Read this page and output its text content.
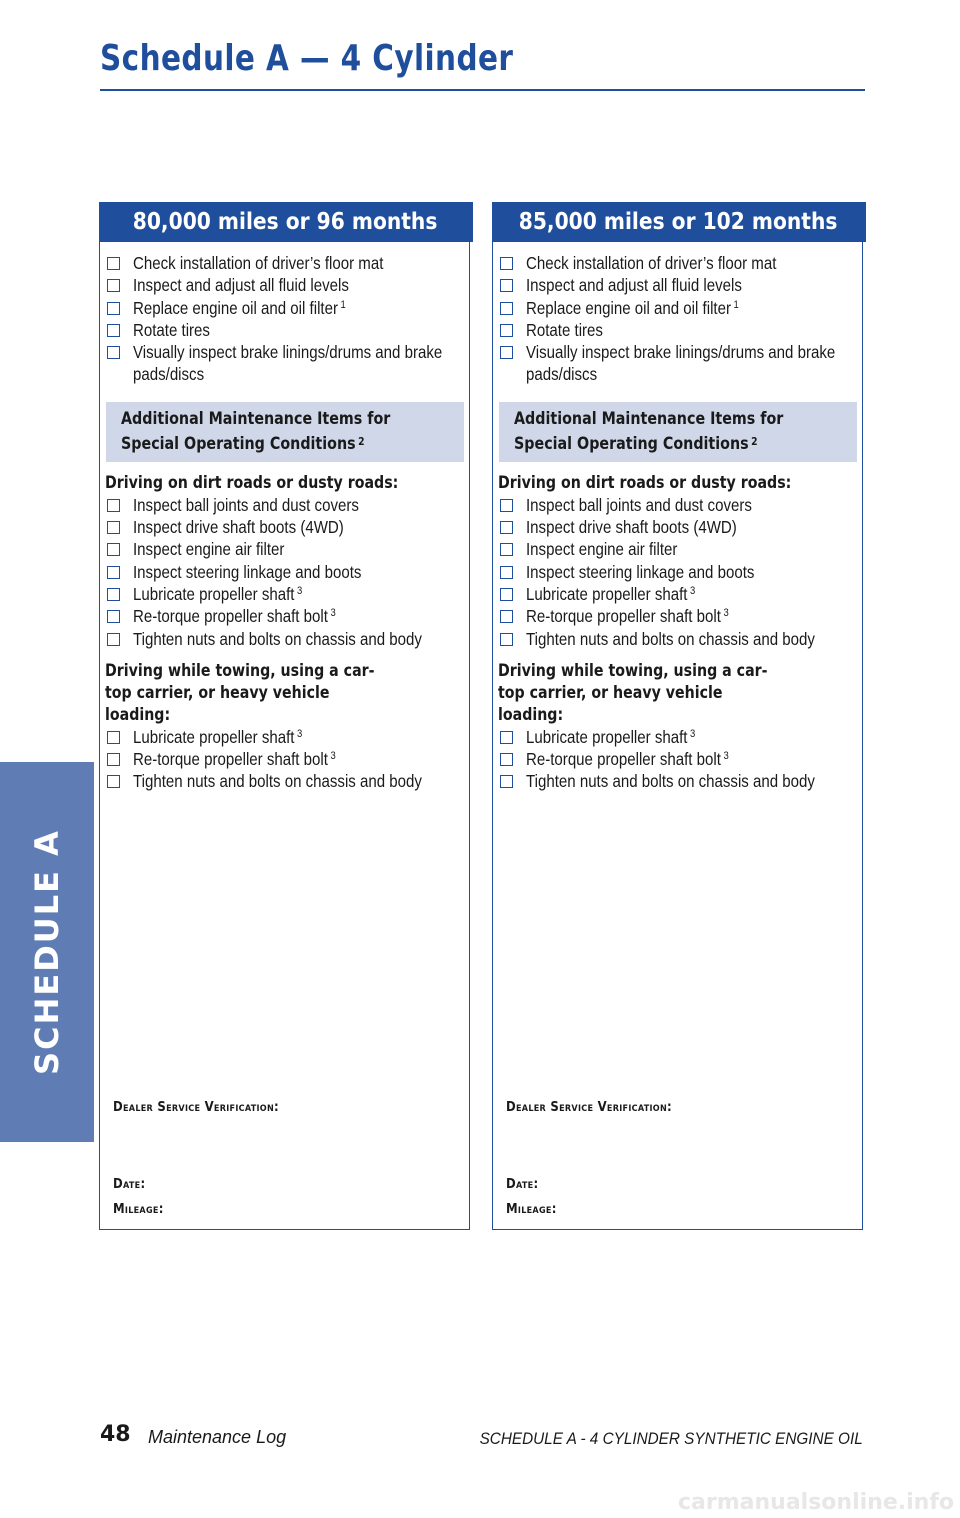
Schedule A — 4 Cylinder
SCHEDULE A
80,000 miles or 96 months
Check installation of driver’s floor mat
Inspect and adjust all fluid levels
Replace engine oil and oil filter $^1$
Rotate tires
Visually inspect brake linings/drums and brake pads/discs
Additional Maintenance Items for
Special Operating Conditions $^2$
Driving on dirt roads or dusty roads:
Inspect ball joints and dust covers
Inspect drive shaft boots (4WD)
Inspect engine air filter
Inspect steering linkage and boots
Lubricate propeller shaft $^3$
Re-torque propeller shaft bolt $^3$
Tighten nuts and bolts on chassis and body
Driving while towing, using a car-top carrier, or heavy vehicle loading:
Lubricate propeller shaft $^3$
Re-torque propeller shaft bolt $^3$
Tighten nuts and bolts on chassis and body
Dealer Service Verification:
Date:
Mileage:
85,000 miles or 102 months
Check installation of driver’s floor mat
Inspect and adjust all fluid levels
Replace engine oil and oil filter $^1$
Rotate tires
Visually inspect brake linings/drums and brake pads/discs
Additional Maintenance Items for
Special Operating Conditions $^2$
Driving on dirt roads or dusty roads:
Inspect ball joints and dust covers
Inspect drive shaft boots (4WD)
Inspect engine air filter
Inspect steering linkage and boots
Lubricate propeller shaft $^3$
Re-torque propeller shaft bolt $^3$
Tighten nuts and bolts on chassis and body
Driving while towing, using a car-top carrier, or heavy vehicle loading:
Lubricate propeller shaft $^3$
Re-torque propeller shaft bolt $^3$
Tighten nuts and bolts on chassis and body
Dealer Service Verification:
Date:
Mileage:
48 Maintenance Log	SCHEDULE A - 4 CYLINDER SYNTHETIC ENGINE OIL
carmanualsonline.info
